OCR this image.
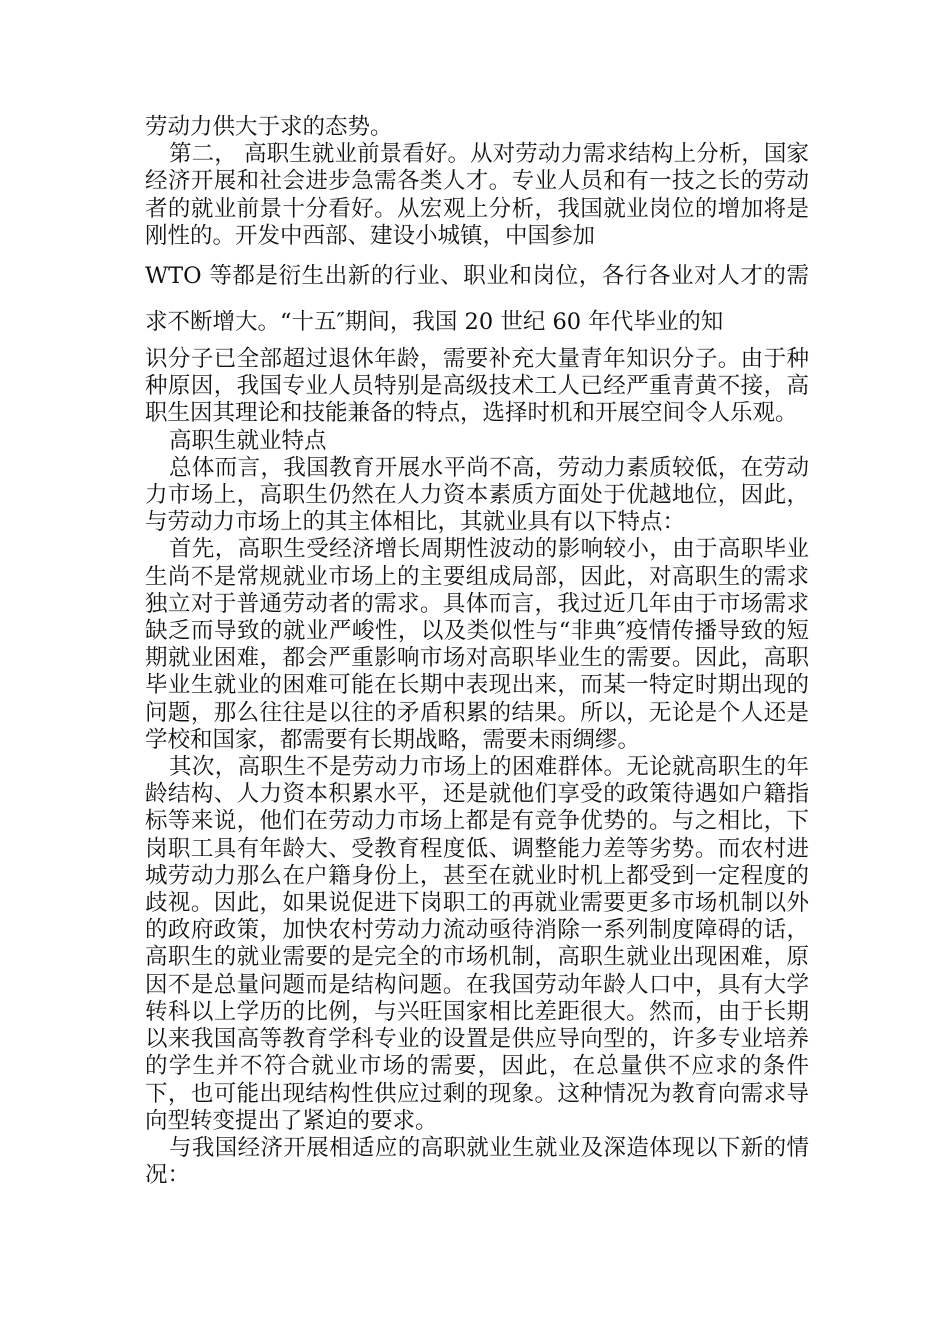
劳动力供大于求的态势。

第二， 高职生就业前景看好。从对劳动力需求结构上分析，国家经济开展和社会进步急需各类人才。专业人员和有一技之长的劳动者的就业前景十分看好。从宏观上分析，我国就业岗位的增加将是刚性的。开发中西部、建设小城镇，中国参加

WTO 等都是衍生出新的行业、职业和岗位，各行各业对人才的需求不断增大。“十五″期间，我国 20 世纪 60 年代毕业的知

识分子已全部超过退休年龄，需要补充大量青年知识分子。由于种种原因，我国专业人员特别是高级技术工人已经严重青黄不接，高职生因其理论和技能兼备的特点，选择时机和开展空间令人乐观。

高职生就业特点

总体而言，我国教育开展水平尚不高，劳动力素质较低，在劳动力市场上，高职生仍然在人力资本素质方面处于优越地位，因此，与劳动力市场上的其主体相比，其就业具有以下特点：

首先，高职生受经济增长周期性波动的影响较小，由于高职毕业生尚不是常规就业市场上的主要组成局部，因此，对高职生的需求独立对于普通劳动者的需求。具体而言，我过近几年由于市场需求缺乏而导致的就业严峻性，以及类似性与“非典″疫情传播导致的短期就业困难，都会严重影响市场对高职毕业生的需要。因此，高职毕业生就业的困难可能在长期中表现出来，而某一特定时期出现的问题，那么往往是以往的矛盾积累的结果。所以，无论是个人还是学校和国家，都需要有长期战略，需要未雨绸缪。

其次，高职生不是劳动力市场上的困难群体。无论就高职生的年龄结构、人力资本积累水平，还是就他们享受的政策待遇如户籍指标等来说，他们在劳动力市场上都是有竞争优势的。与之相比，下岗职工具有年龄大、受教育程度低、调整能力差等劣势。而农村进城劳动力那么在户籍身份上，甚至在就业时机上都受到一定程度的歧视。因此，如果说促进下岗职工的再就业需要更多市场机制以外的政府政策，加快农村劳动力流动亟待消除一系列制度障碍的话，高职生的就业需要的是完全的市场机制，高职生就业出现困难，原因不是总量问题而是结构问题。在我国劳动年龄人口中，具有大学转科以上学历的比例，与兴旺国家相比差距很大。然而，由于长期以来我国高等教育学科专业的设置是供应导向型的，许多专业培养的学生并不符合就业市场的需要，因此，在总量供不应求的条件下，也可能出现结构性供应过剩的现象。这种情况为教育向需求导向型转变提出了紧迫的要求。

与我国经济开展相适应的高职就业生就业及深造体现以下新的情况：
